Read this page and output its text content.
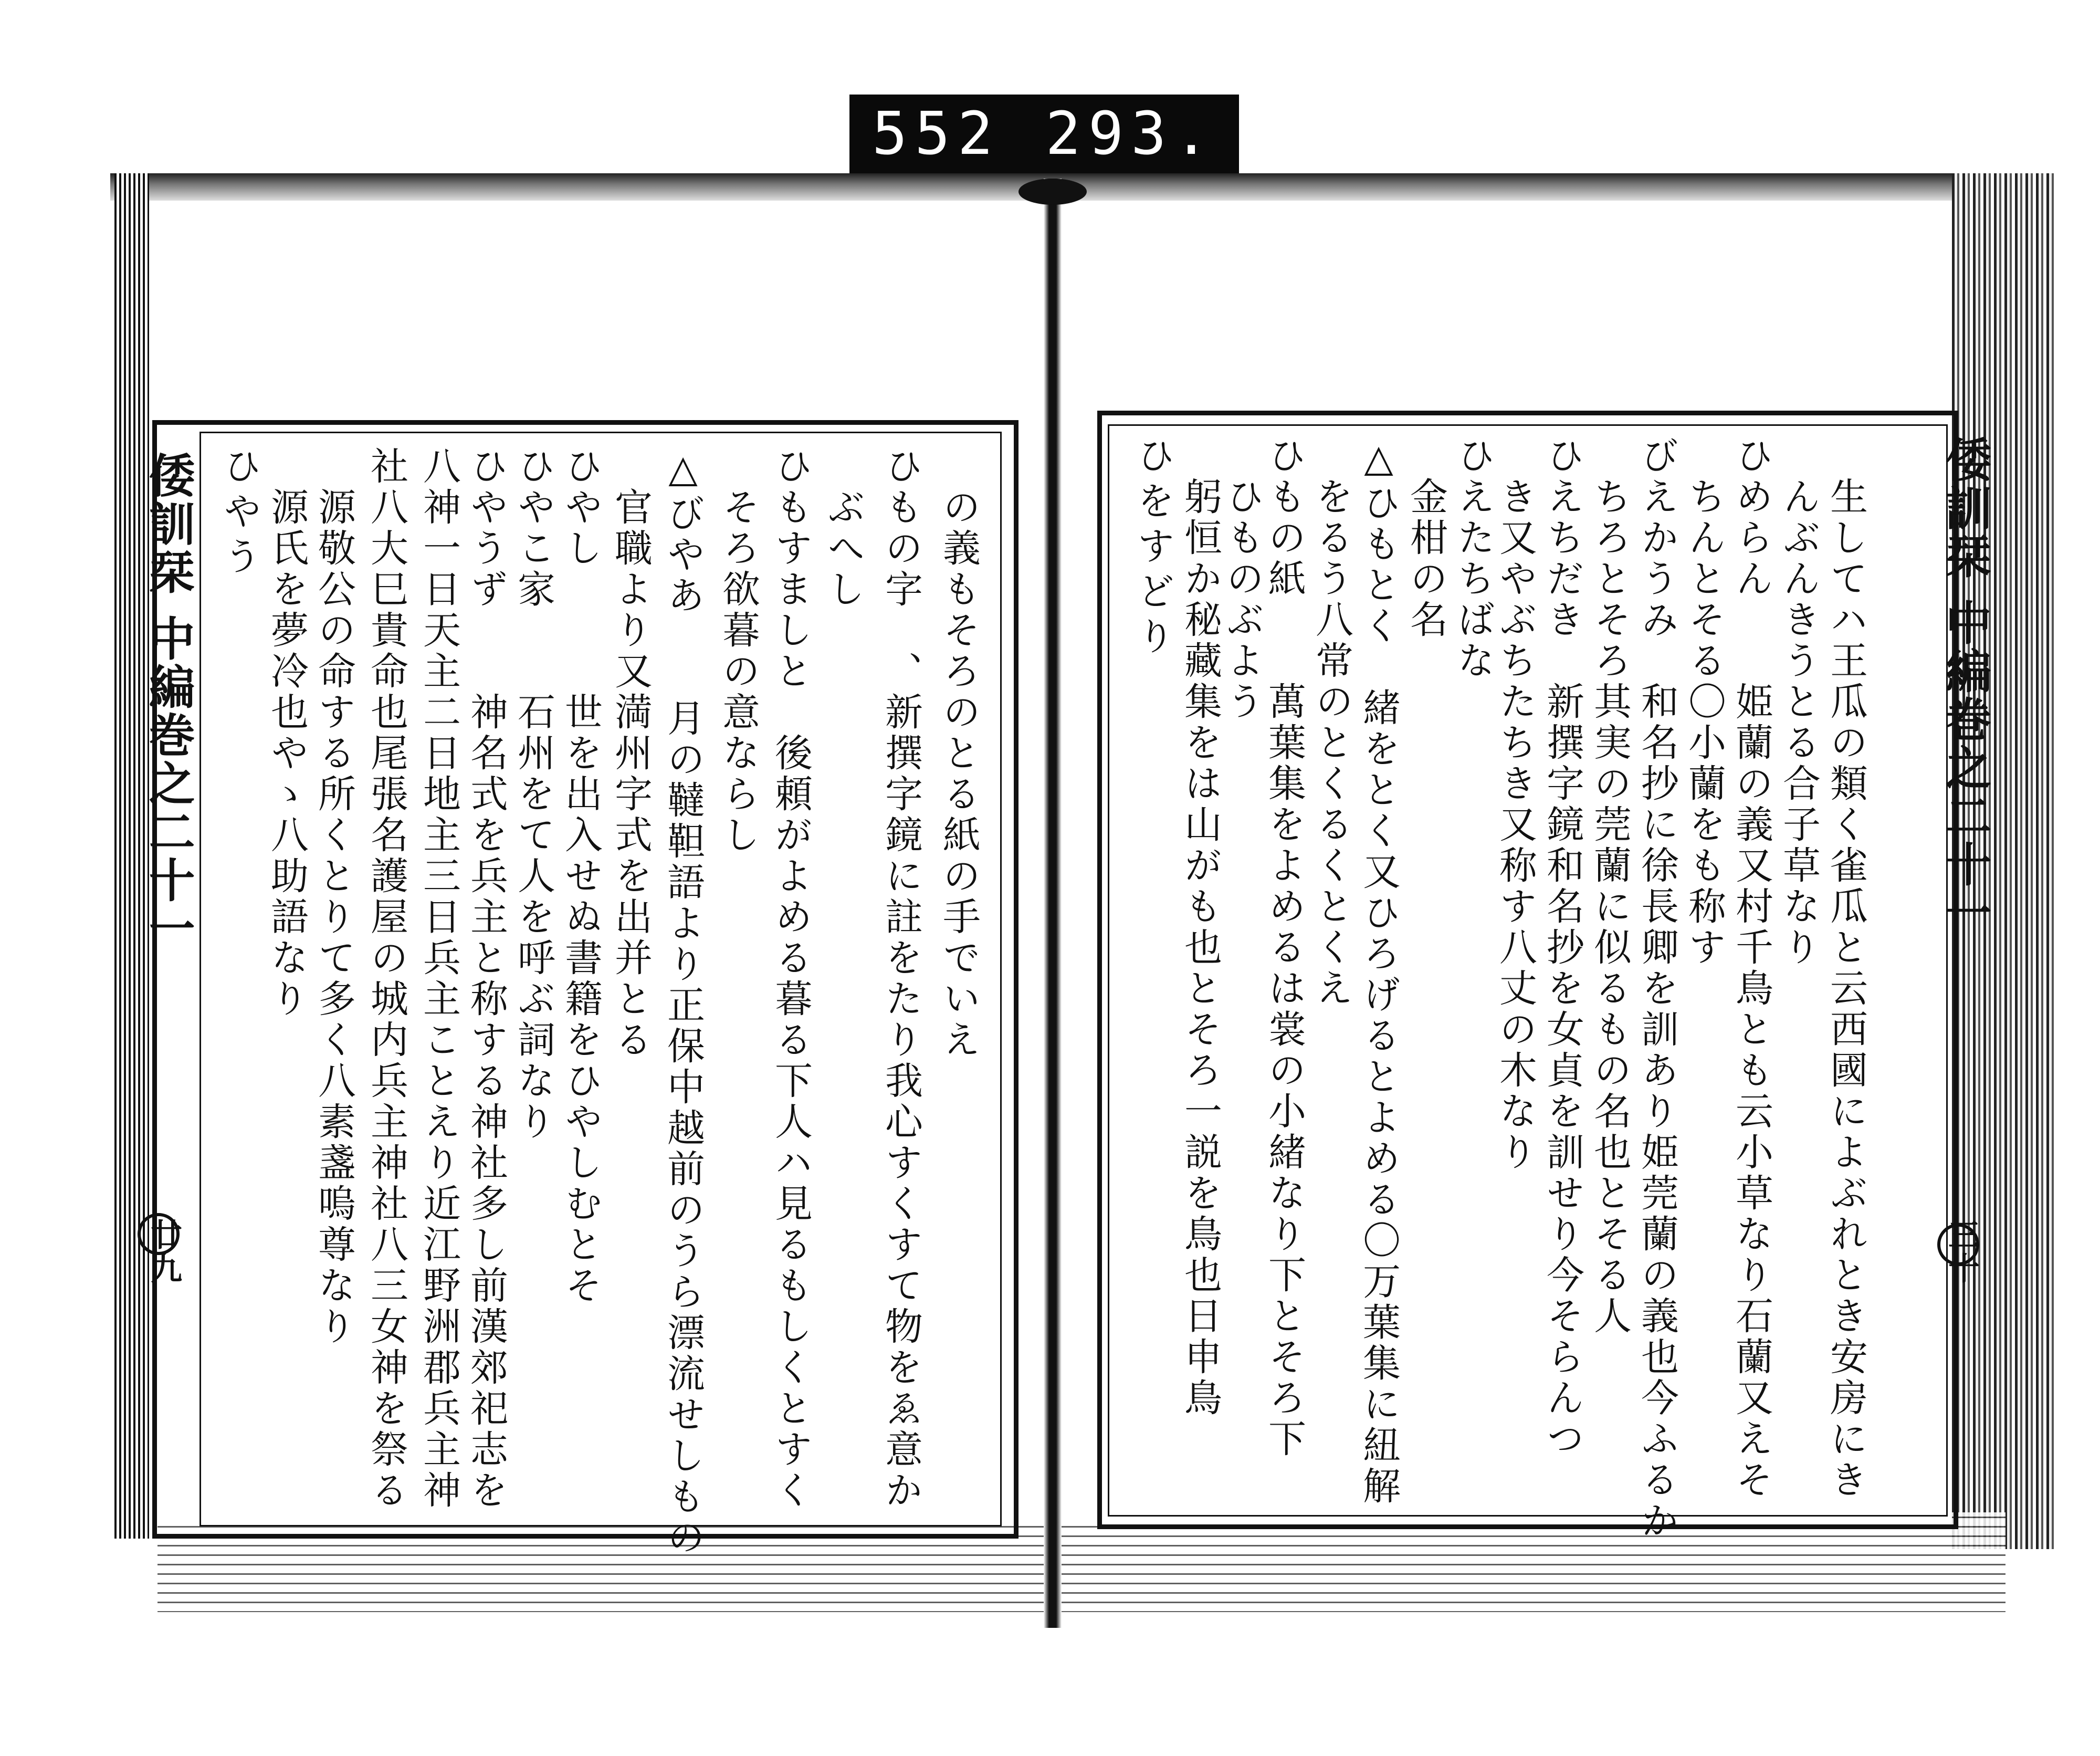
552 293.
倭訓栞 中編巻之二十一
廿九
ひやう 　源氏を夢冷也やゝ八助語なり 　源敬公の命する所くとりて多く八素盞嗚尊なり 社八大巳貴命也尾張名護屋の城内兵主神社八三女神を祭る 八神一日天主二日地主三日兵主ことえり近江野洲郡兵主神 ひやうず　　神名式を兵主と称する神社多し前漢郊祀志を ひやこ家　　石州をて人を呼ぶ詞なり ひやし　　　世を出入せぬ書籍をひやしむとそ 　官職より又満州字式を出并とる △びやあ　　月の韃靼語より正保中越前のうら漂流せしもの 　そろ欲暮の意ならし ひもすましと　後頼がよめる暮る下人ハ見るもしくとすく 　ぶへし ひもの字　、新撰字鏡に註をたり我心すくすて物をゑ意か 　の義もそろのとる紙の手でいえ	倭訓栞 中編巻之二十一
三十
ひをすどり 　躬恒か秘藏集をは山がも也とそろ一説を鳥也日申鳥
　ひものぶよう
ひもの紙　　萬葉集をよめるは裳の小緒なり下とそろ下 　をるう八常のとくるくとくえ △ひもとく　緒をとく又ひろげるとよめる〇万葉集に紐解 　金柑の名 ひえたちばな
　き又やぶちたちき又称す八丈の木なり ひえちだき　新撰字鏡和名抄を女貞を訓せり今そらんつ 　ちろとそろ其実の莞蘭に似るもの名也とそる人 びえかうみ　和名抄に徐長卿を訓あり姫莞蘭の義也今ふるか 　ちんとそる〇小蘭をも称す ひめらん　　姫蘭の義又村千鳥とも云小草なり石蘭又えそ 　んぶんきうとる合子草なり 　生してハ王瓜の類く雀瓜と云西國によぶれとき安房にき
